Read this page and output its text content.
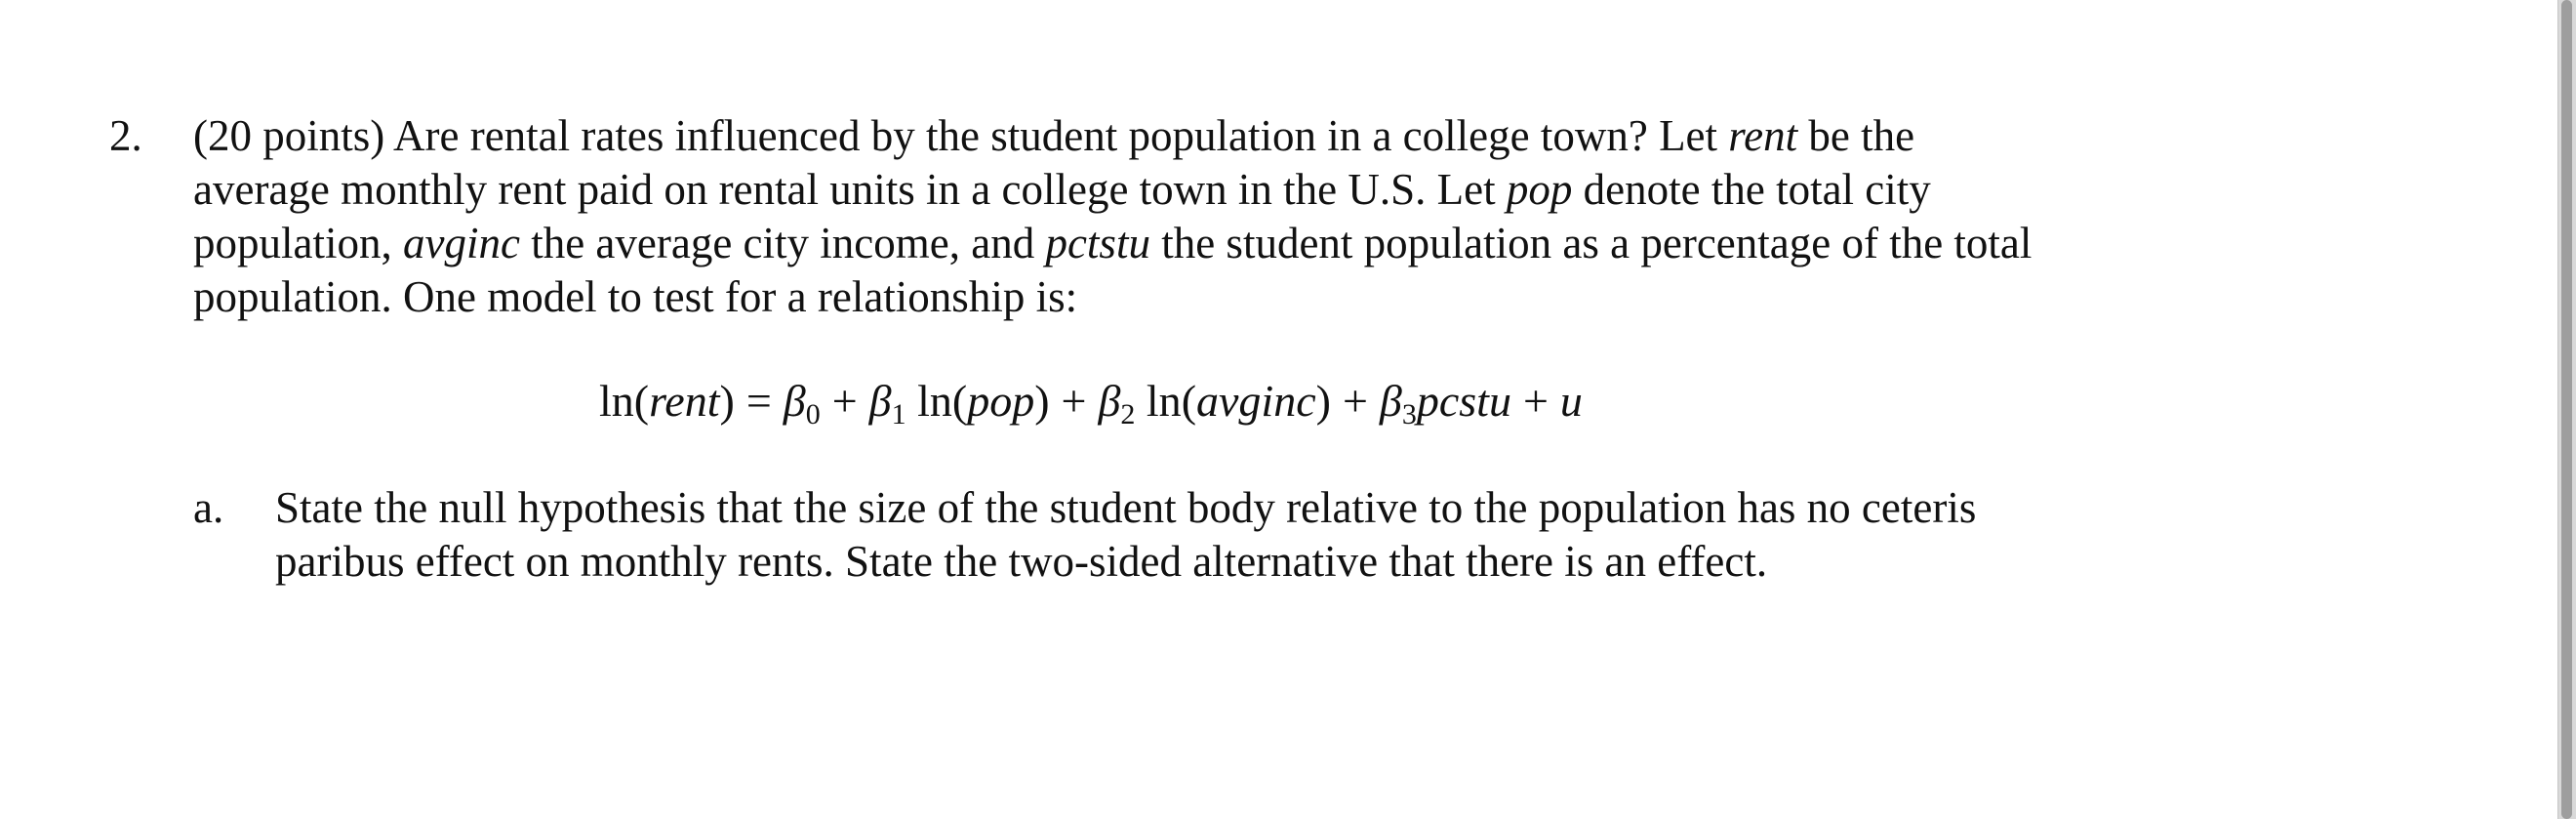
2. (20 points) Are rental rates influenced by the student population in a college town? Let rent be the
average monthly rent paid on rental units in a college town in the U.S. Let pop denote the total city
population, avginc the average city income, and pctstu the student population as a percentage of the total
population. One model to test for a relationship is:
ln(rent) = $\beta_0 + \beta_1$ $\ln(pop) + \beta_2$ ln(avginc) + $\beta_3pcstu + u$
a. State the null hypothesis that the size of the student body relative to the population has no ceteris
paribus effect on monthly rents. State the two-sided alternative that there is an effect.
